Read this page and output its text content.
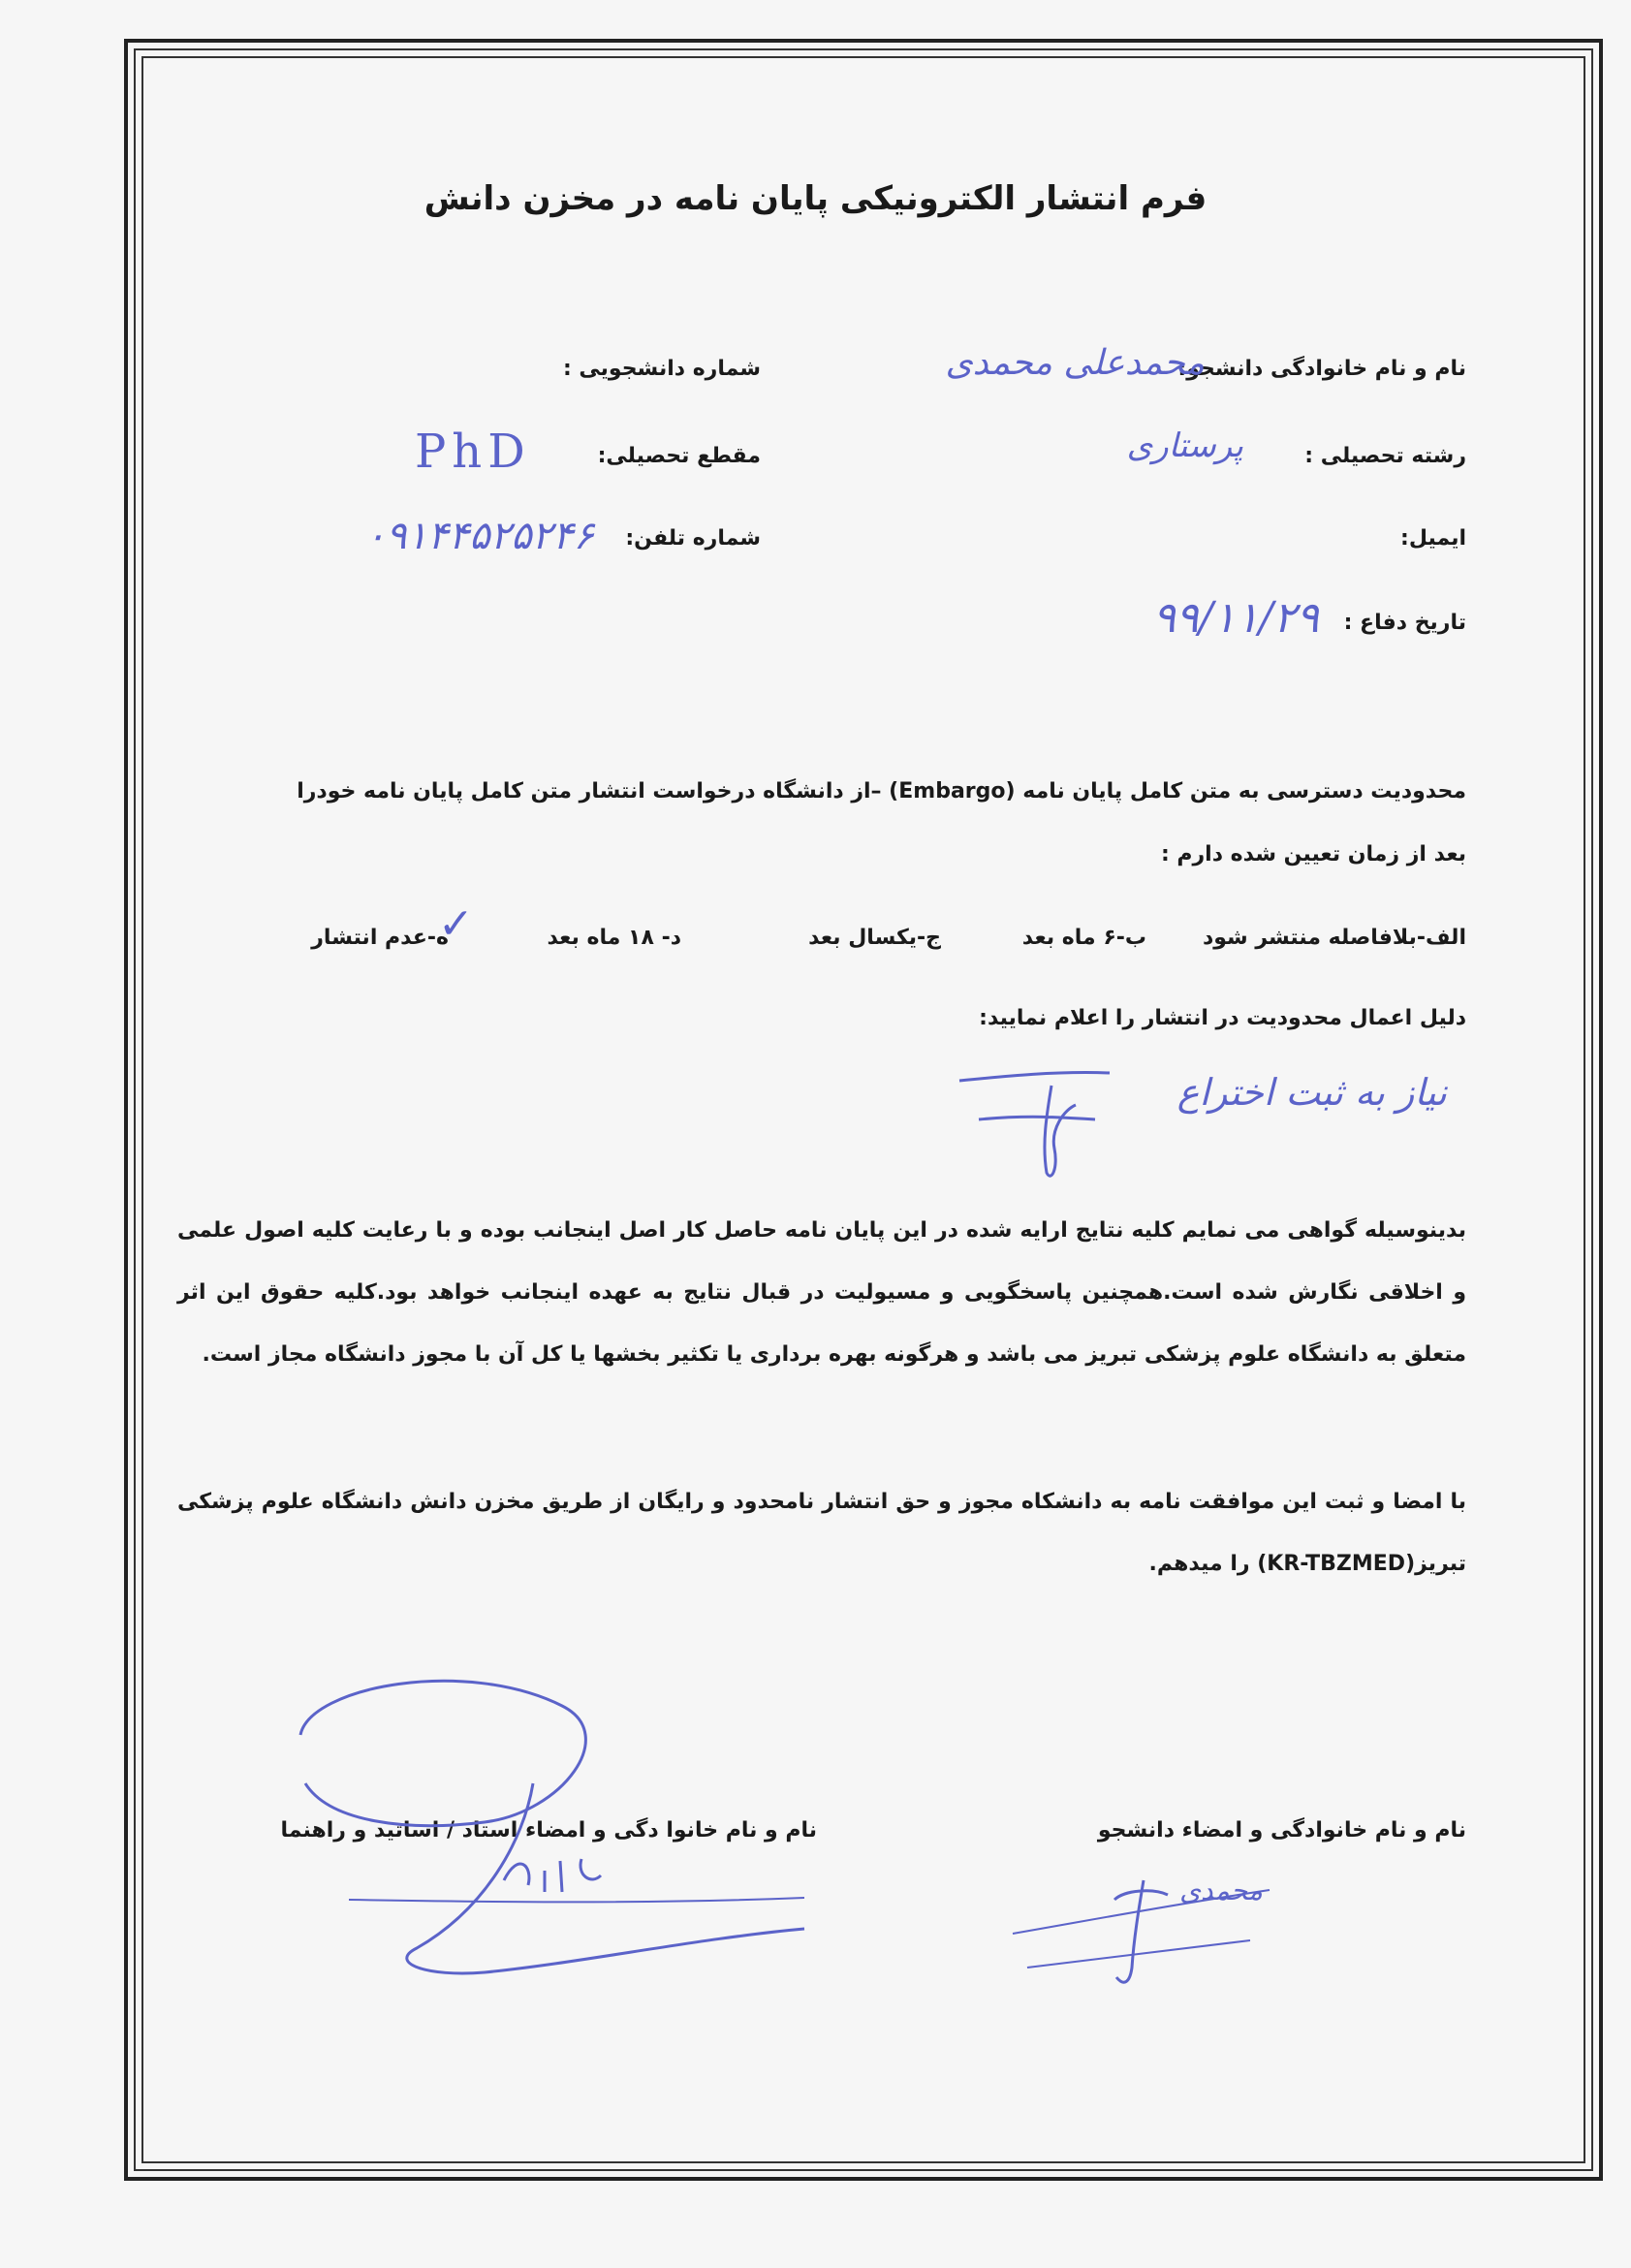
فرم انتشار الکترونیکی پایان نامه در مخزن دانش
نام و نام خانوادگی دانشجو:
محمدعلی محمدی
شماره دانشجویی :
رشته تحصیلی :
پرستاری
مقطع تحصیلی:
PhD
ایمیل:
شماره تلفن:
۰۹۱۴۴۵۲۵۲۴۶
تاریخ دفاع :
۹۹/۱۱/۲۹
محدودیت دسترسی به متن کامل پایان نامه (Embargo) –از دانشگاه درخواست انتشار متن کامل پایان نامه خودرا
بعد از زمان تعیین شده دارم :
الف-بلافاصله منتشر شود
ب-۶ ماه بعد
ج-یکسال بعد
د- ۱۸ ماه بعد
ه-عدم انتشار
✓
دلیل اعمال محدودیت در انتشار را اعلام نمایید:
نیاز به ثبت اختراع
بدینوسیله گواهی می نمایم کلیه نتایج ارایه شده در این پایان نامه حاصل کار اصل اینجانب بوده و با رعایت کلیه اصول علمی و اخلاقی نگارش شده است.همچنین پاسخگویی و مسیولیت در قبال نتایج به عهده اینجانب خواهد بود.کلیه حقوق این اثر متعلق به دانشگاه علوم پزشکی تبریز می باشد و هرگونه بهره برداری یا تکثیر بخشها یا کل آن با مجوز دانشگاه مجاز است.
با امضا و ثبت این موافقت نامه به دانشکاه مجوز و حق انتشار نامحدود و رایگان از طریق مخزن دانش دانشگاه علوم پزشکی تبریز(KR-TBZMED) را میدهم.
نام و نام خانوادگی و امضاء دانشجو
نام و نام خانوا دگی و امضاء استاد / اساتید و راهنما
محمدی
